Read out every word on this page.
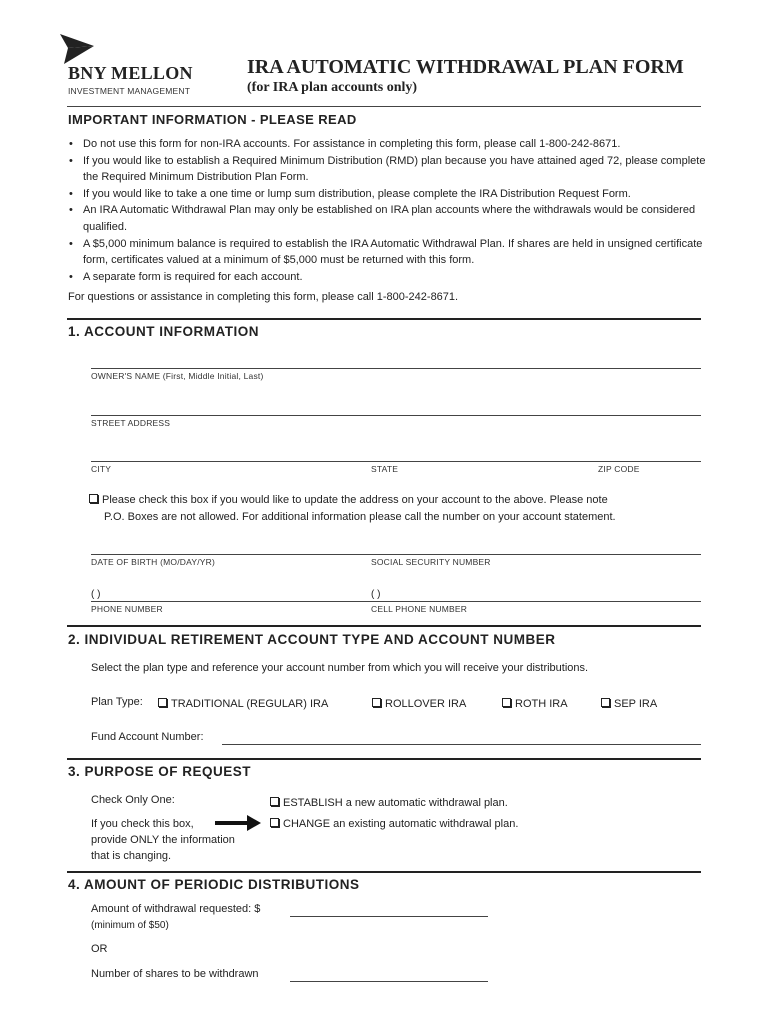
BNY MELLON
INVESTMENT MANAGEMENT
IRA AUTOMATIC WITHDRAWAL PLAN FORM
(for IRA plan accounts only)
IMPORTANT INFORMATION - PLEASE READ
• Do not use this form for non-IRA accounts. For assistance in completing this form, please call 1-800-242-8671.
• If you would like to establish a Required Minimum Distribution (RMD) plan because you have attained aged 72, please complete the Required Minimum Distribution Plan Form.
• If you would like to take a one time or lump sum distribution, please complete the IRA Distribution Request Form.
• An IRA Automatic Withdrawal Plan may only be established on IRA plan accounts where the withdrawals would be considered qualified.
• A $5,000 minimum balance is required to establish the IRA Automatic Withdrawal Plan. If shares are held in unsigned certificate form, certificates valued at a minimum of $5,000 must be returned with this form.
• A separate form is required for each account.
For questions or assistance in completing this form, please call 1-800-242-8671.
1. ACCOUNT INFORMATION
OWNER'S NAME (First, Middle Initial, Last)
STREET ADDRESS
CITY	STATE	ZIP CODE
Please check this box if you would like to update the address on your account to the above. Please note
P.O. Boxes are not allowed. For additional information please call the number on your account statement.
DATE OF BIRTH (MO/DAY/YR)	SOCIAL SECURITY NUMBER
( )	( )
PHONE NUMBER	CELL PHONE NUMBER
2. INDIVIDUAL RETIREMENT ACCOUNT TYPE AND ACCOUNT NUMBER
Select the plan type and reference your account number from which you will receive your distributions.
Plan Type:	TRADITIONAL (REGULAR) IRA	ROLLOVER IRA	ROTH IRA	SEP IRA
Fund Account Number:
3. PURPOSE OF REQUEST
Check Only One:
If you check this box,
provide ONLY the information
that is changing.
ESTABLISH a new automatic withdrawal plan.
CHANGE an existing automatic withdrawal plan.
4. AMOUNT OF PERIODIC DISTRIBUTIONS
Amount of withdrawal requested: $
(minimum of $50)
OR
Number of shares to be withdrawn
